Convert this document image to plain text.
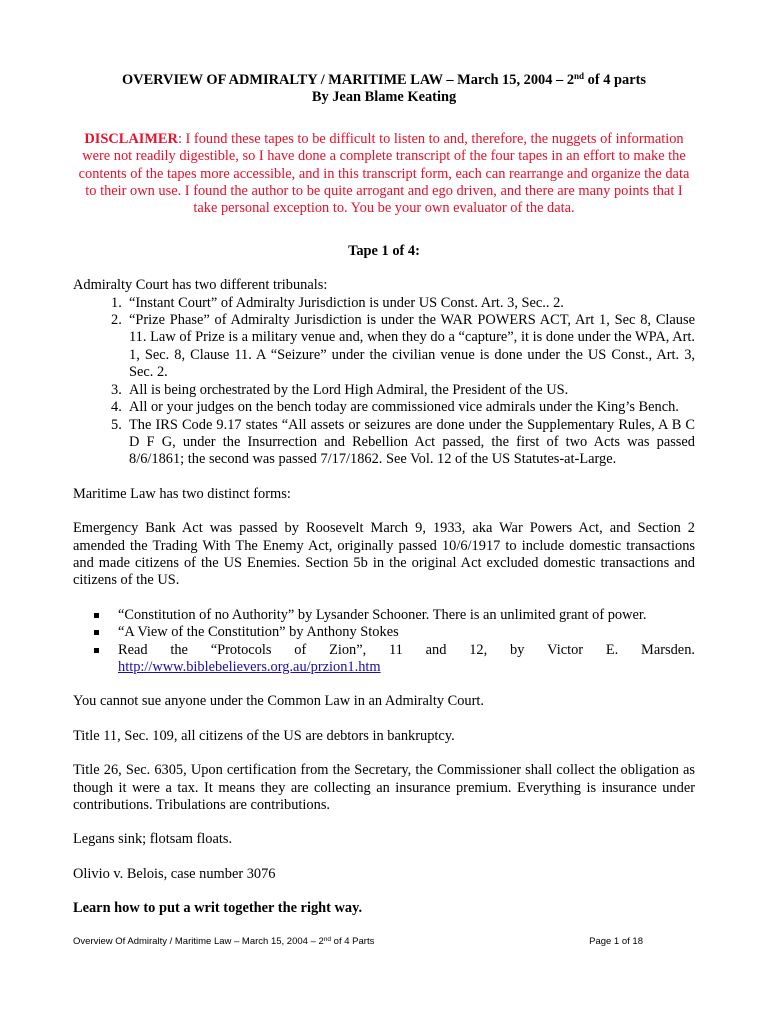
OVERVIEW OF ADMIRALTY / MARITIME LAW – March 15, 2004 – 2nd of 4 parts
By Jean Blame Keating
DISCLAIMER: I found these tapes to be difficult to listen to and, therefore, the nuggets of information were not readily digestible, so I have done a complete transcript of the four tapes in an effort to make the contents of the tapes more accessible, and in this transcript form, each can rearrange and organize the data to their own use. I found the author to be quite arrogant and ego driven, and there are many points that I take personal exception to. You be your own evaluator of the data.
Tape 1 of 4:

Admiralty Court has two different tribunals:

1. “Instant Court” of Admiralty Jurisdiction is under US Const. Art. 3, Sec.. 2.
2. “Prize Phase” of Admiralty Jurisdiction is under the WAR POWERS ACT, Art 1, Sec 8, Clause 11. Law of Prize is a military venue and, when they do a “capture”, it is done under the WPA, Art. 1, Sec. 8, Clause 11. A “Seizure” under the civilian venue is done under the US Const., Art. 3, Sec. 2.
3. All is being orchestrated by the Lord High Admiral, the President of the US.
4. All or your judges on the bench today are commissioned vice admirals under the King’s Bench.
5. The IRS Code 9.17 states “All assets or seizures are done under the Supplementary Rules, A B C D F G, under the Insurrection and Rebellion Act passed, the first of two Acts was passed 8/6/1861; the second was passed 7/17/1862. See Vol. 12 of the US Statutes-at-Large.

Maritime Law has two distinct forms:

Emergency Bank Act was passed by Roosevelt March 9, 1933, aka War Powers Act, and Section 2 amended the Trading With The Enemy Act, originally passed 10/6/1917 to include domestic transactions and made citizens of the US Enemies. Section 5b in the original Act excluded domestic transactions and citizens of the US.

“Constitution of no Authority” by Lysander Schooner. There is an unlimited grant of power.
“A View of the Constitution” by Anthony Stokes
Read the “Protocols of Zion”, 11 and 12, by Victor E. Marsden.
http://www.biblebelievers.org.au/przion1.htm

You cannot sue anyone under the Common Law in an Admiralty Court.

Title 11, Sec. 109, all citizens of the US are debtors in bankruptcy.

Title 26, Sec. 6305, Upon certification from the Secretary, the Commissioner shall collect the obligation as though it were a tax. It means they are collecting an insurance premium. Everything is insurance under contributions. Tribulations are contributions.

Legans sink; flotsam floats.

Olivio v. Belois, case number 3076

Learn how to put a writ together the right way.

Overview Of Admiralty / Maritime Law – March 15, 2004 – 2nd of 4 Parts	Page 1 of 18
